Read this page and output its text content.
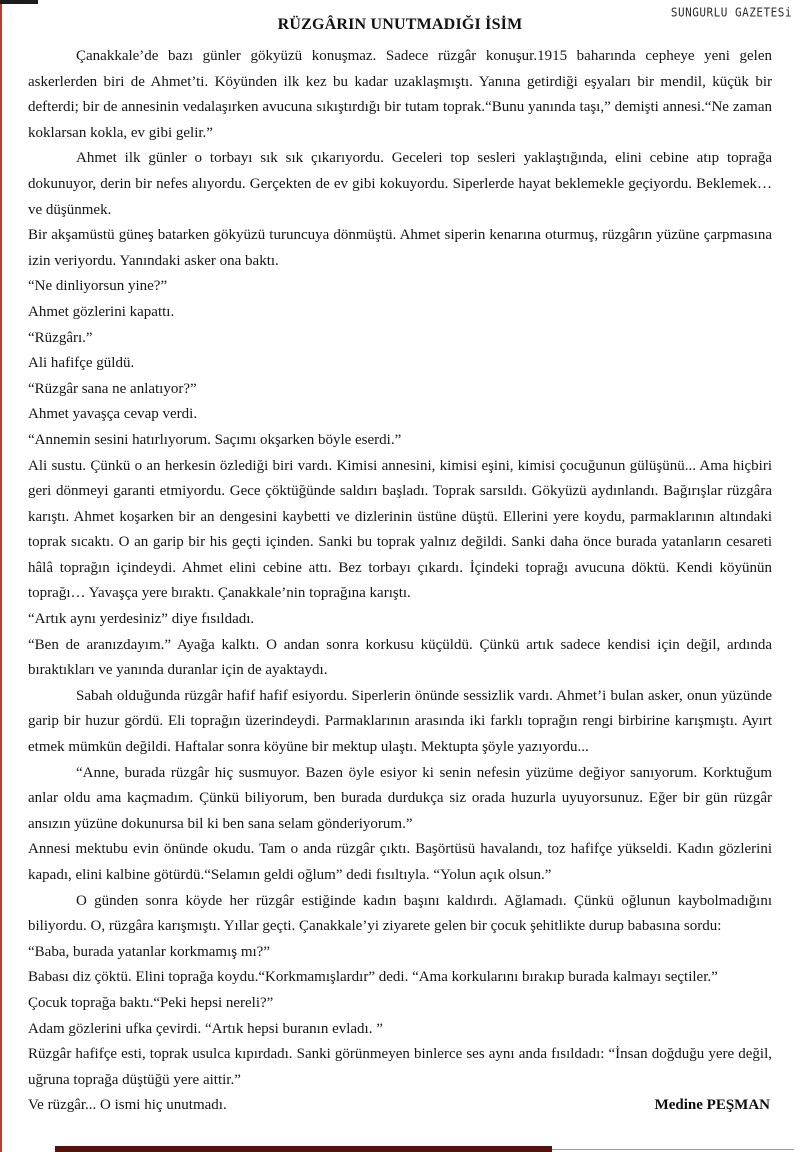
SUNGURLU GAZETESi
RÜZGÂRIN UNUTMADIĞI İSİM

Çanakkale’de bazı günler gökyüzü konuşmaz. Sadece rüzgâr konuşur.1915 baharında cepheye yeni gelen askerlerden biri de Ahmet’ti. Köyünden ilk kez bu kadar uzaklaşmıştı. Yanına getirdiği eşyaları bir mendil, küçük bir defterdi; bir de annesinin vedalaşırken avucuna sıkıştırdığı bir tutam toprak.“Bunu yanında taşı,” demişti annesi.“Ne zaman koklarsan kokla, ev gibi gelir.”

Ahmet ilk günler o torbayı sık sık çıkarıyordu. Geceleri top sesleri yaklaştığında, elini cebine atıp toprağa dokunuyor, derin bir nefes alıyordu. Gerçekten de ev gibi kokuyordu. Siperlerde hayat beklemekle geçiyordu. Beklemek… ve düşünmek.

Bir akşamüstü güneş batarken gökyüzü turuncuya dönmüştü. Ahmet siperin kenarına oturmuş, rüzgârın yüzüne çarpmasına izin veriyordu. Yanındaki asker ona baktı.

“Ne dinliyorsun yine?”

Ahmet gözlerini kapattı.

“Rüzgârı.”

Ali hafifçe güldü.

“Rüzgâr sana ne anlatıyor?”

Ahmet yavaşça cevap verdi.

“Annemin sesini hatırlıyorum. Saçımı okşarken böyle eserdi.”

Ali sustu. Çünkü o an herkesin özlediği biri vardı. Kimisi annesini, kimisi eşini, kimisi çocuğunun gülüşünü... Ama hiçbiri geri dönmeyi garanti etmiyordu. Gece çöktüğünde saldırı başladı. Toprak sarsıldı. Gökyüzü aydınlandı. Bağırışlar rüzgâra karıştı. Ahmet koşarken bir an dengesini kaybetti ve dizlerinin üstüne düştü. Ellerini yere koydu, parmaklarının altındaki toprak sıcaktı. O an garip bir his geçti içinden. Sanki bu toprak yalnız değildi. Sanki daha önce burada yatanların cesareti hâlâ toprağın içindeydi. Ahmet elini cebine attı. Bez torbayı çıkardı. İçindeki toprağı avucuna döktü. Kendi köyünün toprağı… Yavaşça yere bıraktı. Çanakkale’nin toprağına karıştı.

“Artık aynı yerdesiniz” diye fısıldadı.

“Ben de aranızdayım.” Ayağa kalktı. O andan sonra korkusu küçüldü. Çünkü artık sadece kendisi için değil, ardında bıraktıkları ve yanında duranlar için de ayaktaydı.

Sabah olduğunda rüzgâr hafif hafif esiyordu. Siperlerin önünde sessizlik vardı. Ahmet’i bulan asker, onun yüzünde garip bir huzur gördü. Eli toprağın üzerindeydi. Parmaklarının arasında iki farklı toprağın rengi birbirine karışmıştı. Ayırt etmek mümkün değildi. Haftalar sonra köyüne bir mektup ulaştı. Mektupta şöyle yazıyordu...

“Anne, burada rüzgâr hiç susmuyor. Bazen öyle esiyor ki senin nefesin yüzüme değiyor sanıyorum. Korktuğum anlar oldu ama kaçmadım. Çünkü biliyorum, ben burada durdukça siz orada huzurla uyuyorsunuz. Eğer bir gün rüzgâr ansızın yüzüne dokunursa bil ki ben sana selam gönderiyorum.”

Annesi mektubu evin önünde okudu. Tam o anda rüzgâr çıktı. Başörtüsü havalandı, toz hafifçe yükseldi. Kadın gözlerini kapadı, elini kalbine götürdü.“Selamın geldi oğlum” dedi fısıltıyla. “Yolun açık olsun.”

O günden sonra köyde her rüzgâr estiğinde kadın başını kaldırdı. Ağlamadı. Çünkü oğlunun kaybolmadığını biliyordu. O, rüzgâra karışmıştı. Yıllar geçti. Çanakkale’yi ziyarete gelen bir çocuk şehitlikte durup babasına sordu:

“Baba, burada yatanlar korkmamış mı?”

Babası diz çöktü. Elini toprağa koydu.“Korkmamışlardır” dedi. “Ama korkularını bırakıp burada kalmayı seçtiler.”

Çocuk toprağa baktı.“Peki hepsi nereli?”

Adam gözlerini ufka çevirdi. “Artık hepsi buranın evladı. ”

Rüzgâr hafifçe esti, toprak usulca kıpırdadı. Sanki görünmeyen binlerce ses aynı anda fısıldadı: “İnsan doğduğu yere değil, uğruna toprağa düştüğü yere aittir.”

Ve rüzgâr... O ismi hiç unutmadı.	Medine PEŞMAN
